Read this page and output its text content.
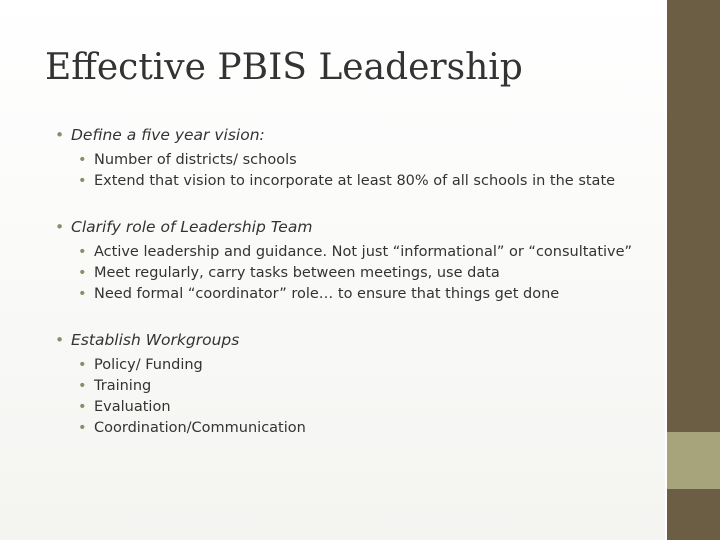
Effective PBIS Leadership
• Define a five year vision:
• Number of districts/ schools
• Extend that vision to incorporate at least 80% of all schools in the state
• Clarify role of Leadership Team
• Active leadership and guidance. Not just “informational” or “consultative”
• Meet regularly, carry tasks between meetings, use data
• Need formal “coordinator” role… to ensure that things get done
• Establish Workgroups
• Policy/ Funding
• Training
• Evaluation
• Coordination/Communication
